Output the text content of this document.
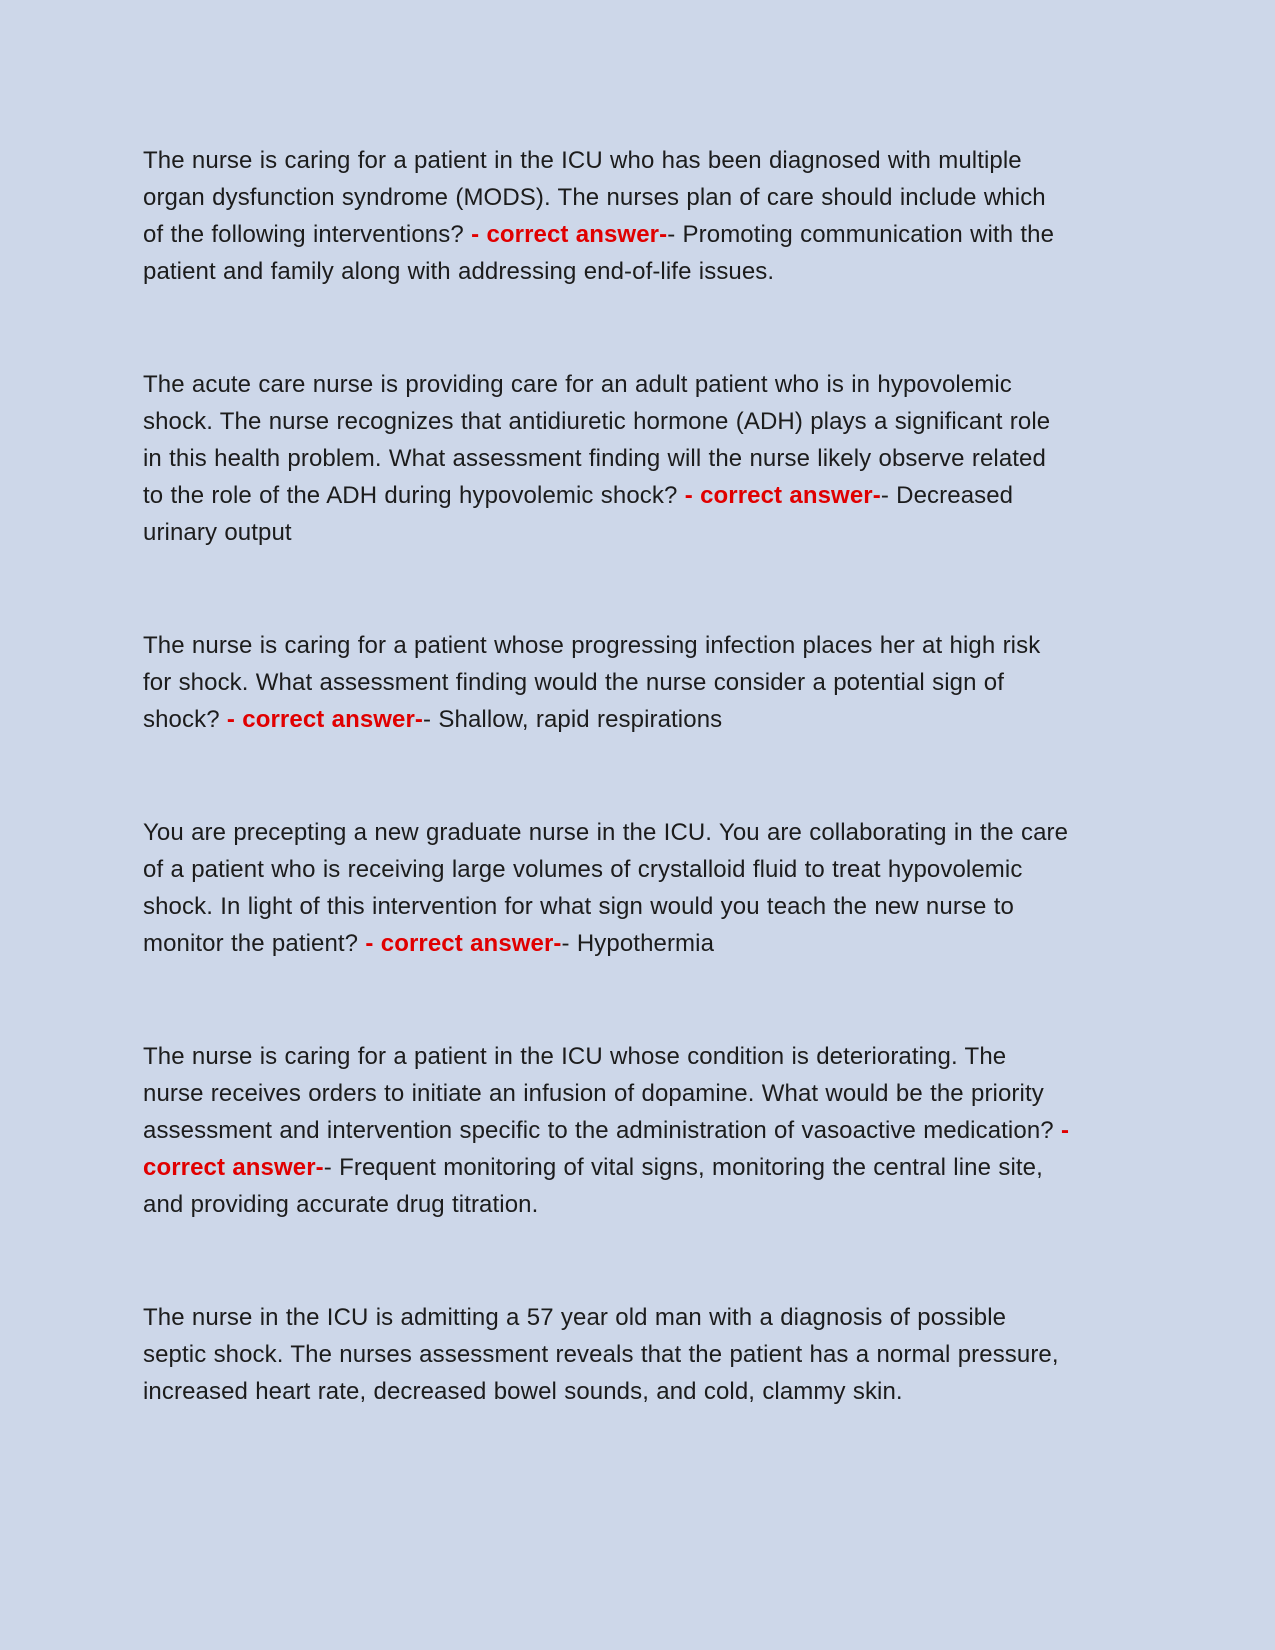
The nurse is caring for a patient in the ICU who has been diagnosed with multiple organ dysfunction syndrome (MODS). The nurses plan of care should include which of the following interventions? - correct answer-- Promoting communication with the patient and family along with addressing end-of-life issues.

The acute care nurse is providing care for an adult patient who is in hypovolemic shock. The nurse recognizes that antidiuretic hormone (ADH) plays a significant role in this health problem. What assessment finding will the nurse likely observe related to the role of the ADH during hypovolemic shock? - correct answer-- Decreased urinary output

The nurse is caring for a patient whose progressing infection places her at high risk for shock. What assessment finding would the nurse consider a potential sign of shock? - correct answer-- Shallow, rapid respirations

You are precepting a new graduate nurse in the ICU. You are collaborating in the care of a patient who is receiving large volumes of crystalloid fluid to treat hypovolemic shock. In light of this intervention for what sign would you teach the new nurse to monitor the patient? - correct answer-- Hypothermia

The nurse is caring for a patient in the ICU whose condition is deteriorating. The nurse receives orders to initiate an infusion of dopamine. What would be the priority assessment and intervention specific to the administration of vasoactive medication? - correct answer-- Frequent monitoring of vital signs, monitoring the central line site, and providing accurate drug titration.

The nurse in the ICU is admitting a 57 year old man with a diagnosis of possible septic shock. The nurses assessment reveals that the patient has a normal pressure, increased heart rate, decreased bowel sounds, and cold, clammy skin.
